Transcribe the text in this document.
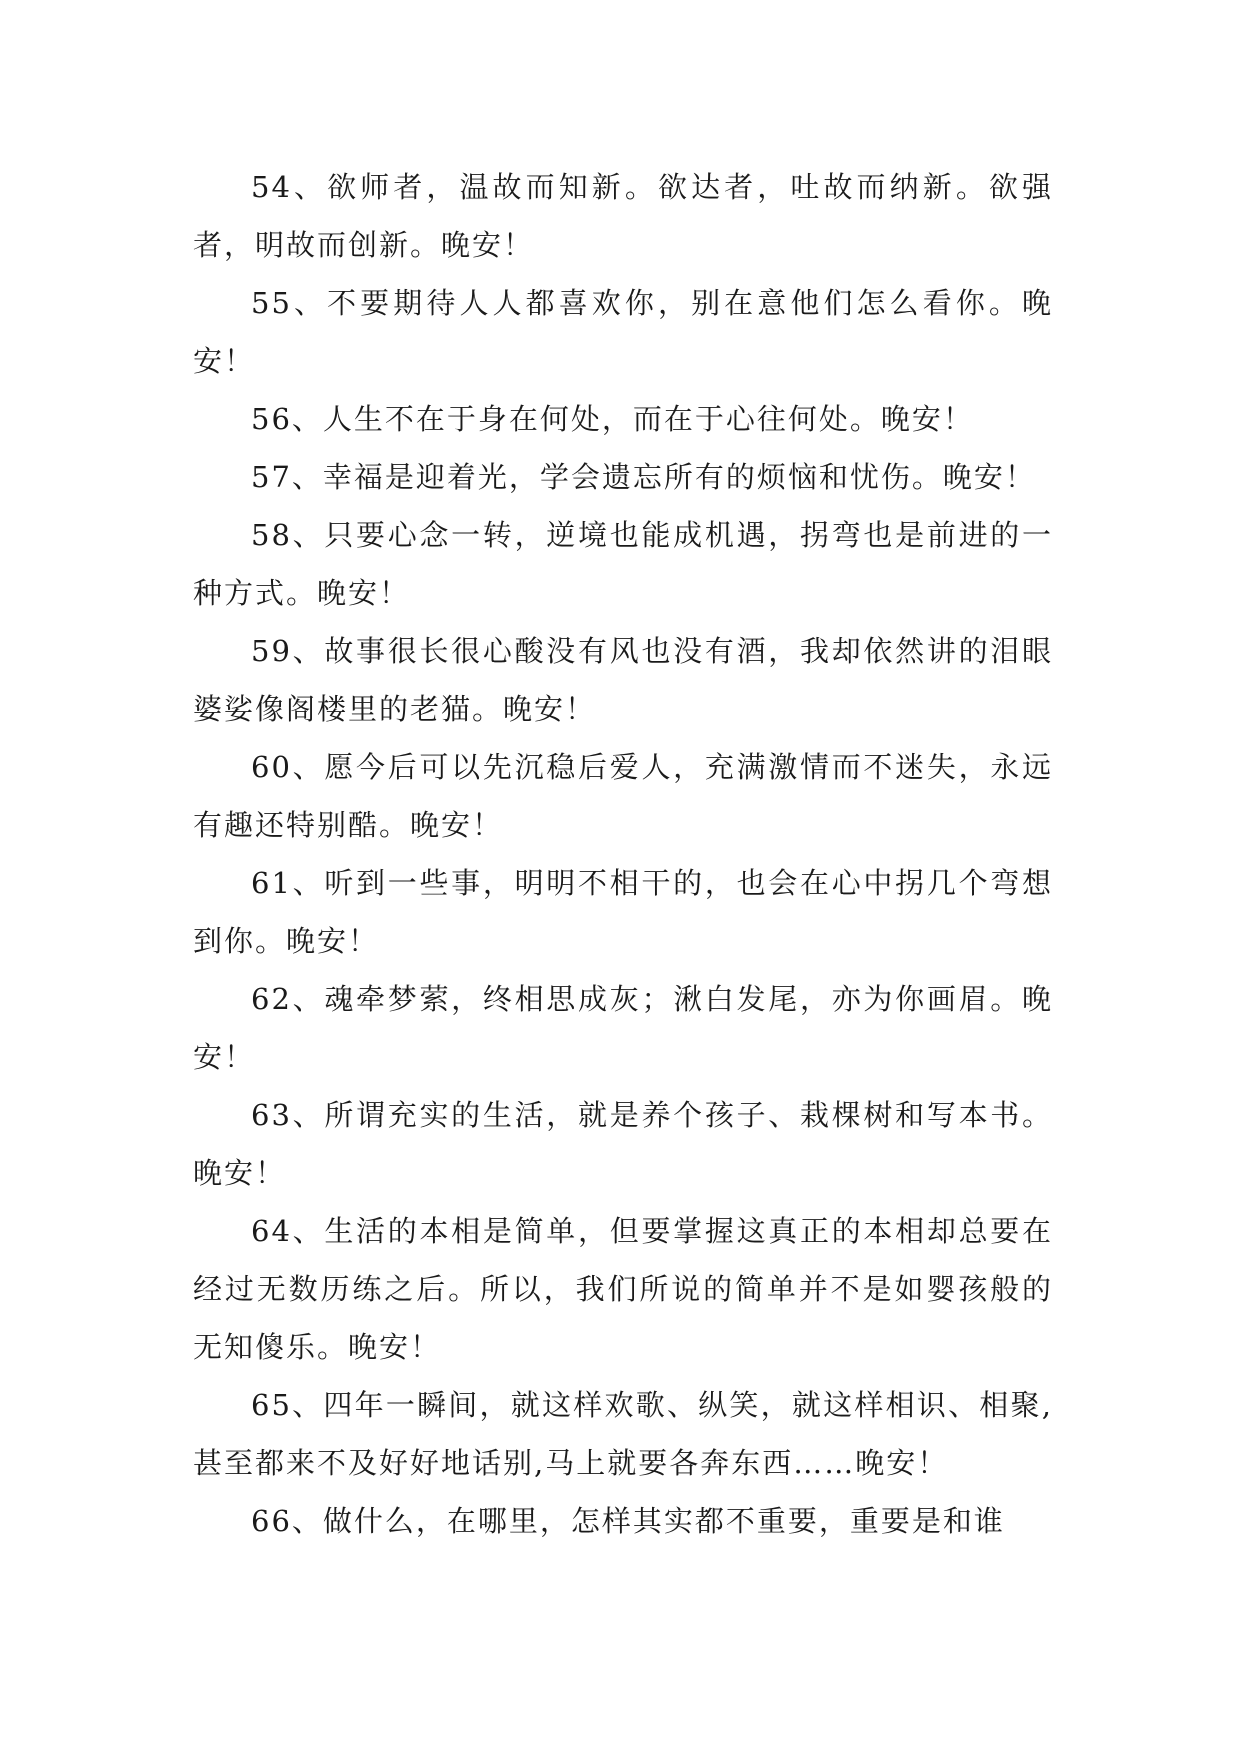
54、欲师者，温故而知新。欲达者，吐故而纳新。欲强者，明故而创新。晚安！

55、不要期待人人都喜欢你，别在意他们怎么看你。晚安！

56、人生不在于身在何处，而在于心往何处。晚安！

57、幸福是迎着光，学会遗忘所有的烦恼和忧伤。晚安！

58、只要心念一转，逆境也能成机遇，拐弯也是前进的一种方式。晚安！

59、故事很长很心酸没有风也没有酒，我却依然讲的泪眼婆娑像阁楼里的老猫。晚安！

60、愿今后可以先沉稳后爱人，充满激情而不迷失，永远有趣还特别酷。晚安！

61、听到一些事，明明不相干的，也会在心中拐几个弯想到你。晚安！

62、魂牵梦萦，终相思成灰；湫白发尾，亦为你画眉。晚安！

63、所谓充实的生活，就是养个孩子、栽棵树和写本书。晚安！

64、生活的本相是简单，但要掌握这真正的本相却总要在经过无数历练之后。所以，我们所说的简单并不是如婴孩般的无知傻乐。晚安！

65、四年一瞬间，就这样欢歌、纵笑，就这样相识、相聚,甚至都来不及好好地话别,马上就要各奔东西……晚安！

66、做什么，在哪里，怎样其实都不重要，重要是和谁
